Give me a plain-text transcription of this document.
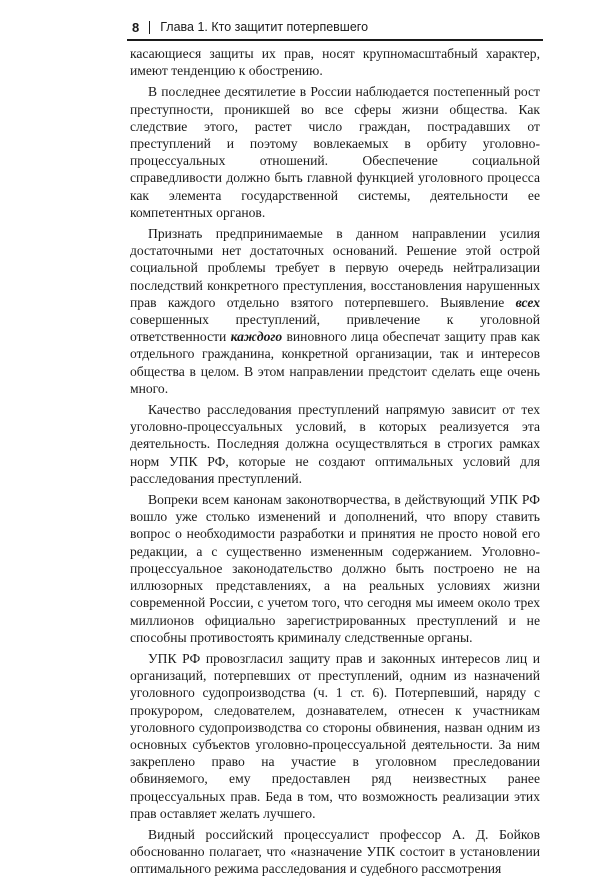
8 Глава 1. Кто защитит потерпевшего

касающиеся защиты их прав, носят крупномасштабный характер, имеют тенденцию к обострению.

В последнее десятилетие в России наблюдается постепенный рост преступности, проникшей во все сферы жизни общества. Как следствие этого, растет число граждан, пострадавших от преступлений и поэтому вовлекаемых в орбиту уголовно-процессуальных отношений. Обеспечение социальной справедливости должно быть главной функцией уголовного процесса как элемента государственной системы, деятельности ее компетентных органов.

Признать предпринимаемые в данном направлении усилия достаточными нет достаточных оснований. Решение этой острой социальной проблемы требует в первую очередь нейтрализации последствий конкретного преступления, восстановления нарушенных прав каждого отдельно взятого потерпевшего. Выявление всех совершенных преступлений, привлечение к уголовной ответственности каждого виновного лица обеспечат защиту прав как отдельного гражданина, конкретной организации, так и интересов общества в целом. В этом направлении предстоит сделать еще очень много.

Качество расследования преступлений напрямую зависит от тех уголовно-процессуальных условий, в которых реализуется эта деятельность. Последняя должна осуществляться в строгих рамках норм УПК РФ, которые не создают оптимальных условий для расследования преступлений.

Вопреки всем канонам законотворчества, в действующий УПК РФ вошло уже столько изменений и дополнений, что впору ставить вопрос о необходимости разработки и принятия не просто новой его редакции, а с существенно измененным содержанием. Уголовно-процессуальное законодательство должно быть построено не на иллюзорных представлениях, а на реальных условиях жизни современной России, с учетом того, что сегодня мы имеем около трех миллионов официально зарегистрированных преступлений и не способны противостоять криминалу следственные органы.

УПК РФ провозгласил защиту прав и законных интересов лиц и организаций, потерпевших от преступлений, одним из назначений уголовного судопроизводства (ч. 1 ст. 6). Потерпевший, наряду с прокурором, следователем, дознавателем, отнесен к участникам уголовного судопроизводства со стороны обвинения, назван одним из основных субъектов уголовно-процессуальной деятельности. За ним закреплено право на участие в уголовном преследовании обвиняемого, ему предоставлен ряд неизвестных ранее процессуальных прав. Беда в том, что возможность реализации этих прав оставляет желать лучшего.

Видный российский процессуалист профессор А. Д. Бойков обоснованно полагает, что «назначение УПК состоит в установлении оптимального режима расследования и судебного рассмотрения
